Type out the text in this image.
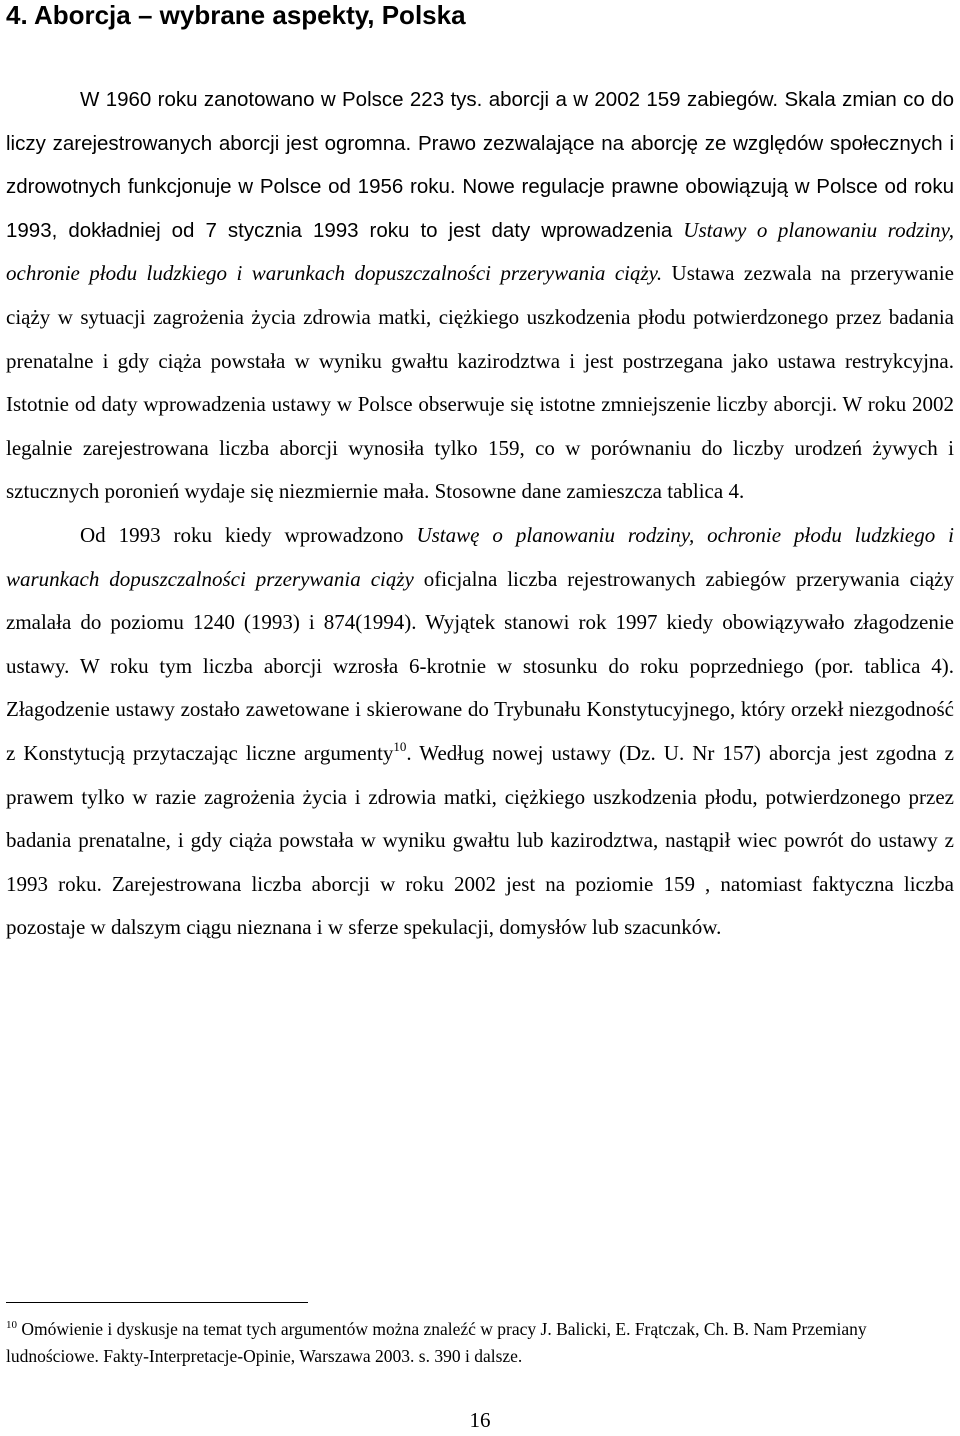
4. Aborcja – wybrane aspekty, Polska

W 1960 roku zanotowano w Polsce 223 tys. aborcji a w 2002 159 zabiegów. Skala zmian co do liczy zarejestrowanych aborcji jest ogromna. Prawo zezwalające na aborcję ze względów społecznych i zdrowotnych funkcjonuje w Polsce od 1956 roku. Nowe regulacje prawne obowiązują w Polsce od roku 1993, dokładniej od 7 stycznia 1993 roku to jest daty wprowadzenia Ustawy o planowaniu rodziny, ochronie płodu ludzkiego i warunkach dopuszczalności przerywania ciąży. Ustawa zezwala na przerywanie ciąży w sytuacji zagrożenia życia zdrowia matki, ciężkiego uszkodzenia płodu potwierdzonego przez badania prenatalne i gdy ciąża powstała w wyniku gwałtu kazirodztwa i jest postrzegana jako ustawa restrykcyjna. Istotnie od daty wprowadzenia ustawy w Polsce obserwuje się istotne zmniejszenie liczby aborcji. W roku 2002 legalnie zarejestrowana liczba aborcji wynosiła tylko 159, co w porównaniu do liczby urodzeń żywych i sztucznych poronień wydaje się niezmiernie mała. Stosowne dane zamieszcza tablica 4.

Od 1993 roku kiedy wprowadzono Ustawę o planowaniu rodziny, ochronie płodu ludzkiego i warunkach dopuszczalności przerywania ciąży oficjalna liczba rejestrowanych zabiegów przerywania ciąży zmalała do poziomu 1240 (1993) i 874(1994). Wyjątek stanowi rok 1997 kiedy obowiązywało złagodzenie ustawy. W roku tym liczba aborcji wzrosła 6-krotnie w stosunku do roku poprzedniego (por. tablica 4). Złagodzenie ustawy zostało zawetowane i skierowane do Trybunału Konstytucyjnego, który orzekł niezgodność z Konstytucją przytaczając liczne argumenty$^{10}$. Według nowej ustawy (Dz. U. Nr 157) aborcja jest zgodna z prawem tylko w razie zagrożenia życia i zdrowia matki, ciężkiego uszkodzenia płodu, potwierdzonego przez badania prenatalne, i gdy ciąża powstała w wyniku gwałtu lub kazirodztwa, nastąpił wiec powrót do ustawy z 1993 roku. Zarejestrowana liczba aborcji w roku 2002 jest na poziomie 159 , natomiast faktyczna liczba pozostaje w dalszym ciągu nieznana i w sferze spekulacji, domysłów lub szacunków.

$^{10}$ Omówienie i dyskusje na temat tych argumentów można znaleźć w pracy J. Balicki, E. Frątczak, Ch. B. Nam Przemiany ludnościowe. Fakty-Interpretacje-Opinie, Warszawa 2003. s. 390 i dalsze.

16
